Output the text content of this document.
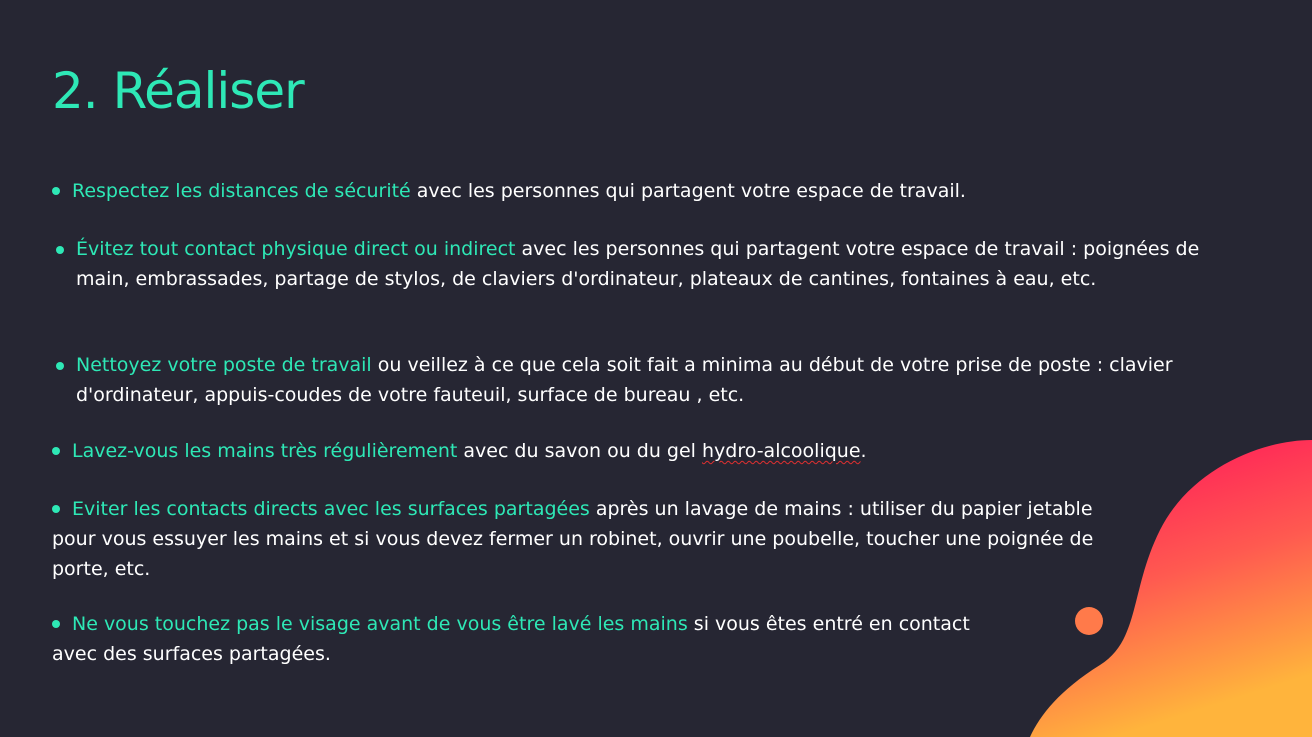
2. Réaliser
Respectez les distances de sécurité avec les personnes qui partagent votre espace de travail.
Évitez tout contact physique direct ou indirect avec les personnes qui partagent votre espace de travail : poignées de main, embrassades, partage de stylos, de claviers d'ordinateur, plateaux de cantines, fontaines à eau, etc.
Nettoyez votre poste de travail ou veillez à ce que cela soit fait a minima au début de votre prise de poste : clavier d'ordinateur, appuis-coudes de votre fauteuil, surface de bureau , etc.
Lavez-vous les mains très régulièrement avec du savon ou du gel hydro-alcoolique.
Eviter les contacts directs avec les surfaces partagées après un lavage de mains : utiliser du papier jetable pour vous essuyer les mains et si vous devez fermer un robinet, ouvrir une poubelle, toucher une poignée de porte, etc.
Ne vous touchez pas le visage avant de vous être lavé les mains si vous êtes entré en contact avec des surfaces partagées.
